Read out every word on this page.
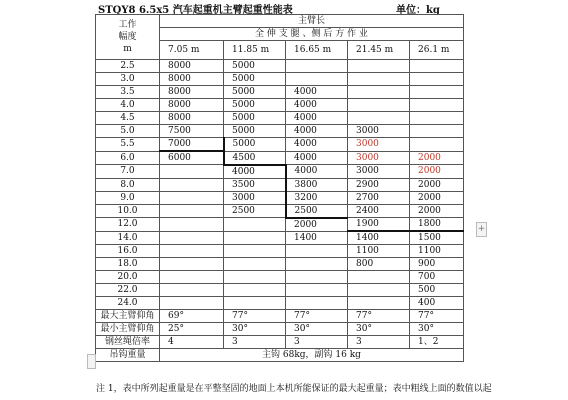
STQY8 6.5x5 汽车起重机主臂起重性能表	单位：kg
工作
幅度
m	主臂长				
	全 伸 支 腿 、侧 后 方 作 业				
	7.05 m	11.85 m	16.65 m	21.45 m	26.1 m
2.5	8000	5000			
3.0	8000	5000			
3.5	8000	5000	4000		
4.0	8000	5000	4000		
4.5	8000	5000	4000		
5.0	7500	5000	4000	3000	
5.5	7000	5000	4000	3000	
6.0	6000	4500	4000	3000	2000
7.0		4000	4000	3000	2000
8.0		3500	3800	2900	2000
9.0		3000	3200	2700	2000
10.0		2500	2500	2400	2000
12.0			2000	1900	1800
14.0			1400	1400	1500
16.0				1100	1100
18.0				800	900
20.0					700
22.0					500
24.0					400
最大主臂仰角	69°	77°	77°	77°	77°
最小主臂仰角	25°	30°	30°	30°	30°
钢丝绳倍率	4	3	3	3	1、2
吊钩重量	主钩 68kg，副钩 16 kg				
注 1，表中所列起重量是在平整坚固的地面上本机所能保证的最大起重量；表中粗线上面的数值以起
+
